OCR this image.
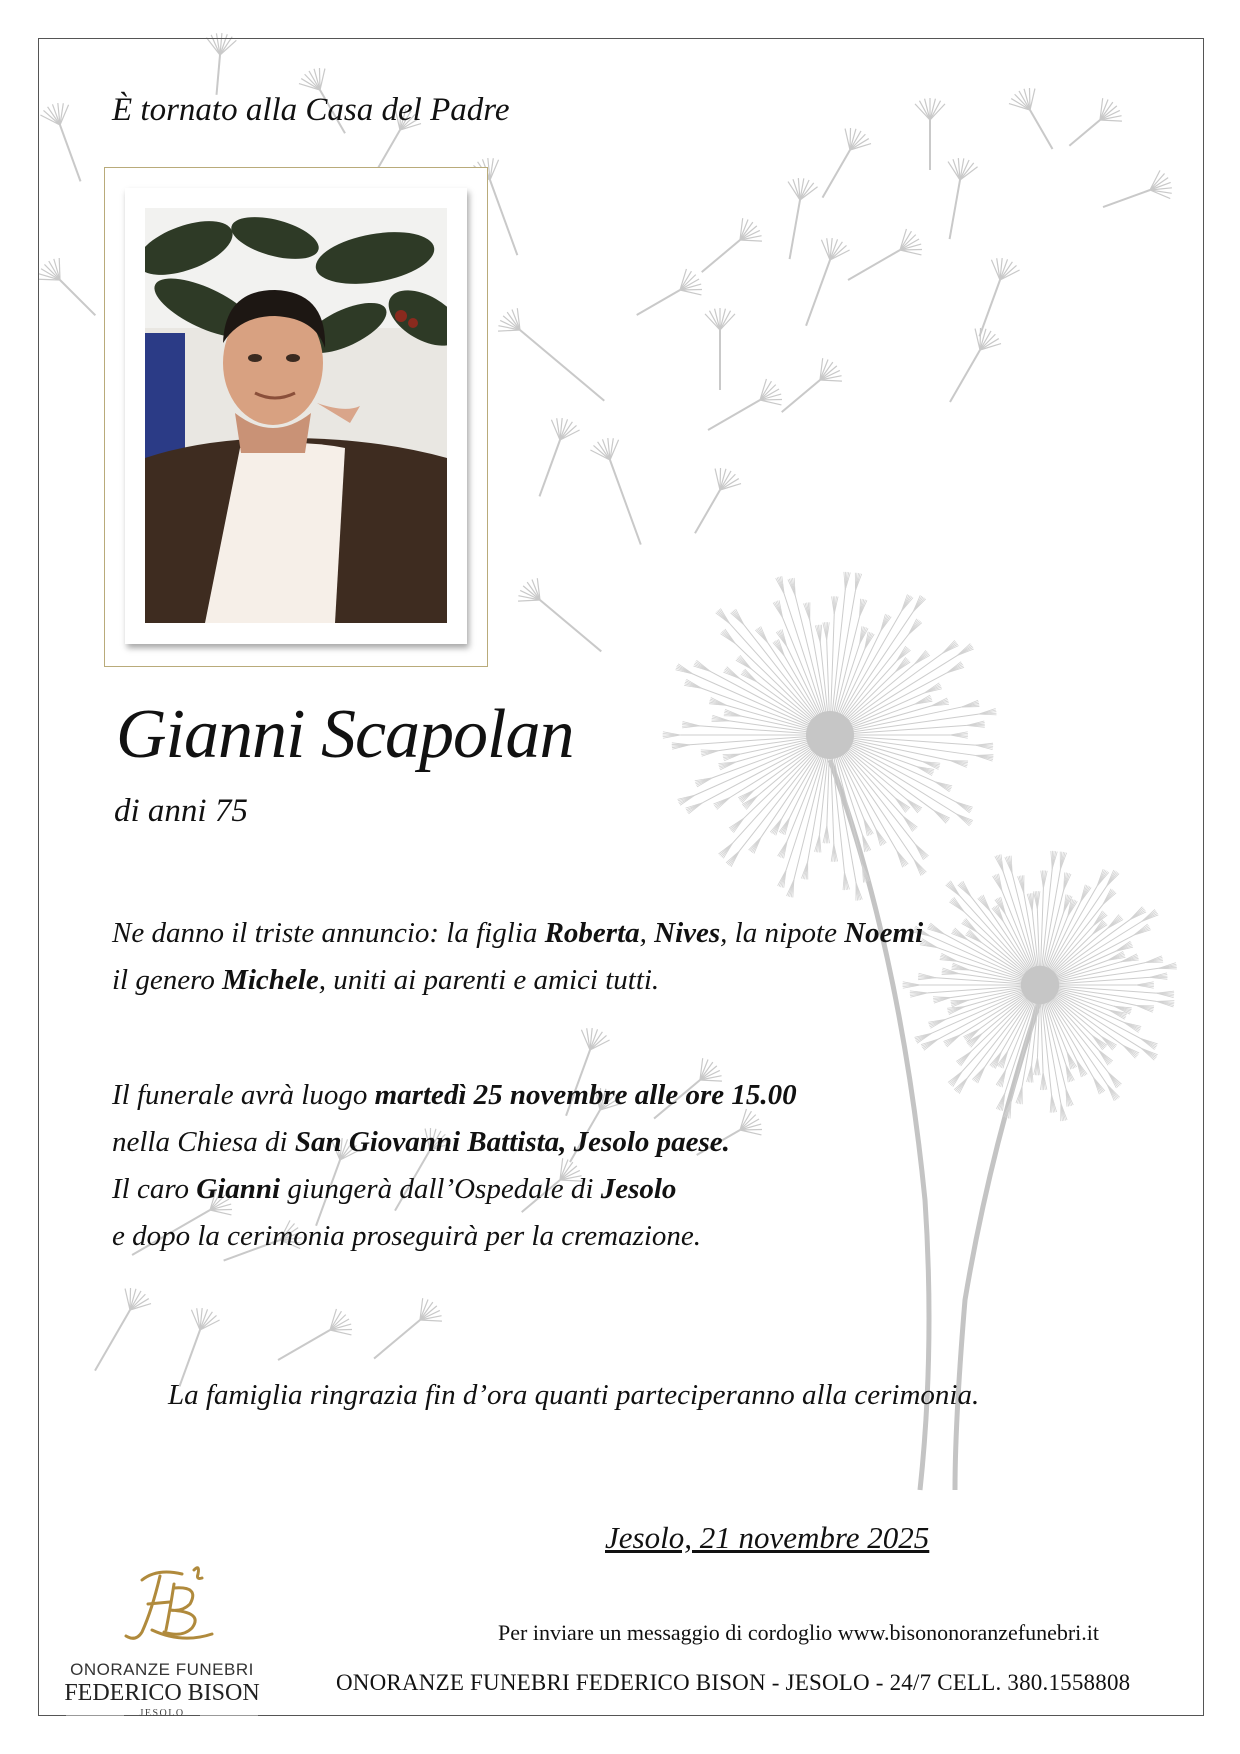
È tornato alla Casa del Padre
Gianni Scapolan
di anni 75
Ne danno il triste annuncio: la figlia Roberta, Nives, la nipote Noemi
il genero Michele, uniti ai parenti e amici tutti.
Il funerale avrà luogo martedì 25 novembre alle ore 15.00
nella Chiesa di San Giovanni Battista, Jesolo paese.
Il caro Gianni giungerà dall’Ospedale di Jesolo
e dopo la cerimonia proseguirà per la cremazione.
La famiglia ringrazia fin d’ora quanti parteciperanno alla cerimonia.
Jesolo, 21 novembre 2025
ONORANZE FUNEBRI
FEDERICO BISON
JESOLO
Per inviare un messaggio di cordoglio www.bisononoranzefunebri.it
ONORANZE FUNEBRI FEDERICO BISON - JESOLO - 24/7 CELL. 380.1558808
